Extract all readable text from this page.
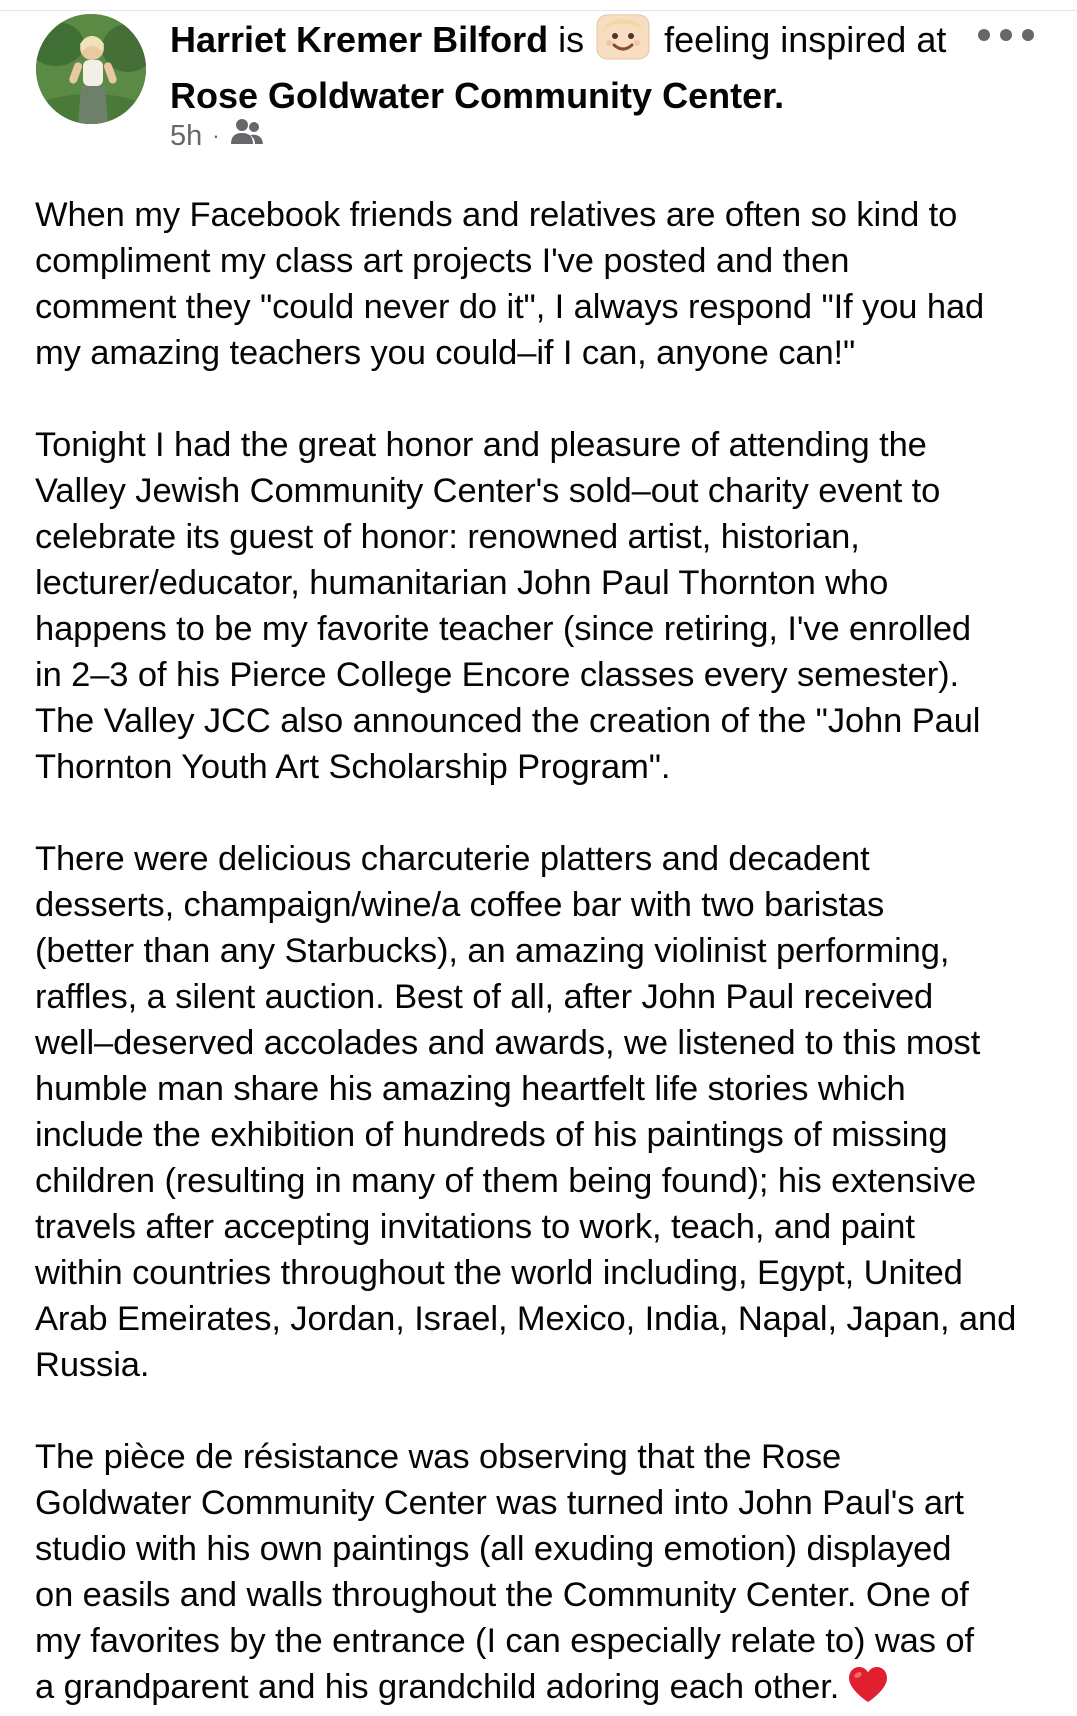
Harriet Kremer Bilford is feeling inspired at
Rose Goldwater Community Center.
5h ·

When my Facebook friends and relatives are often so kind to
compliment my class art projects I've posted and then
comment they "could never do it", I always respond "If you had
my amazing teachers you could–if I can, anyone can!"

Tonight I had the great honor and pleasure of attending the
Valley Jewish Community Center's sold–out charity event to
celebrate its guest of honor: renowned artist, historian,
lecturer/educator, humanitarian John Paul Thornton who
happens to be my favorite teacher (since retiring, I've enrolled
in 2–3 of his Pierce College Encore classes every semester).
The Valley JCC also announced the creation of the "John Paul
Thornton Youth Art Scholarship Program".

There were delicious charcuterie platters and decadent
desserts, champaign/wine/a coffee bar with two baristas
(better than any Starbucks), an amazing violinist performing,
raffles, a silent auction. Best of all, after John Paul received
well–deserved accolades and awards, we listened to this most
humble man share his amazing heartfelt life stories which
include the exhibition of hundreds of his paintings of missing
children (resulting in many of them being found); his extensive
travels after accepting invitations to work, teach, and paint
within countries throughout the world including, Egypt, United
Arab Emeirates, Jordan, Israel, Mexico, India, Napal, Japan, and
Russia.

The pièce de résistance was observing that the Rose
Goldwater Community Center was turned into John Paul's art
studio with his own paintings (all exuding emotion) displayed
on easils and walls throughout the Community Center. One of
my favorites by the entrance (I can especially relate to) was of
a grandparent and his grandchild adoring each other.
